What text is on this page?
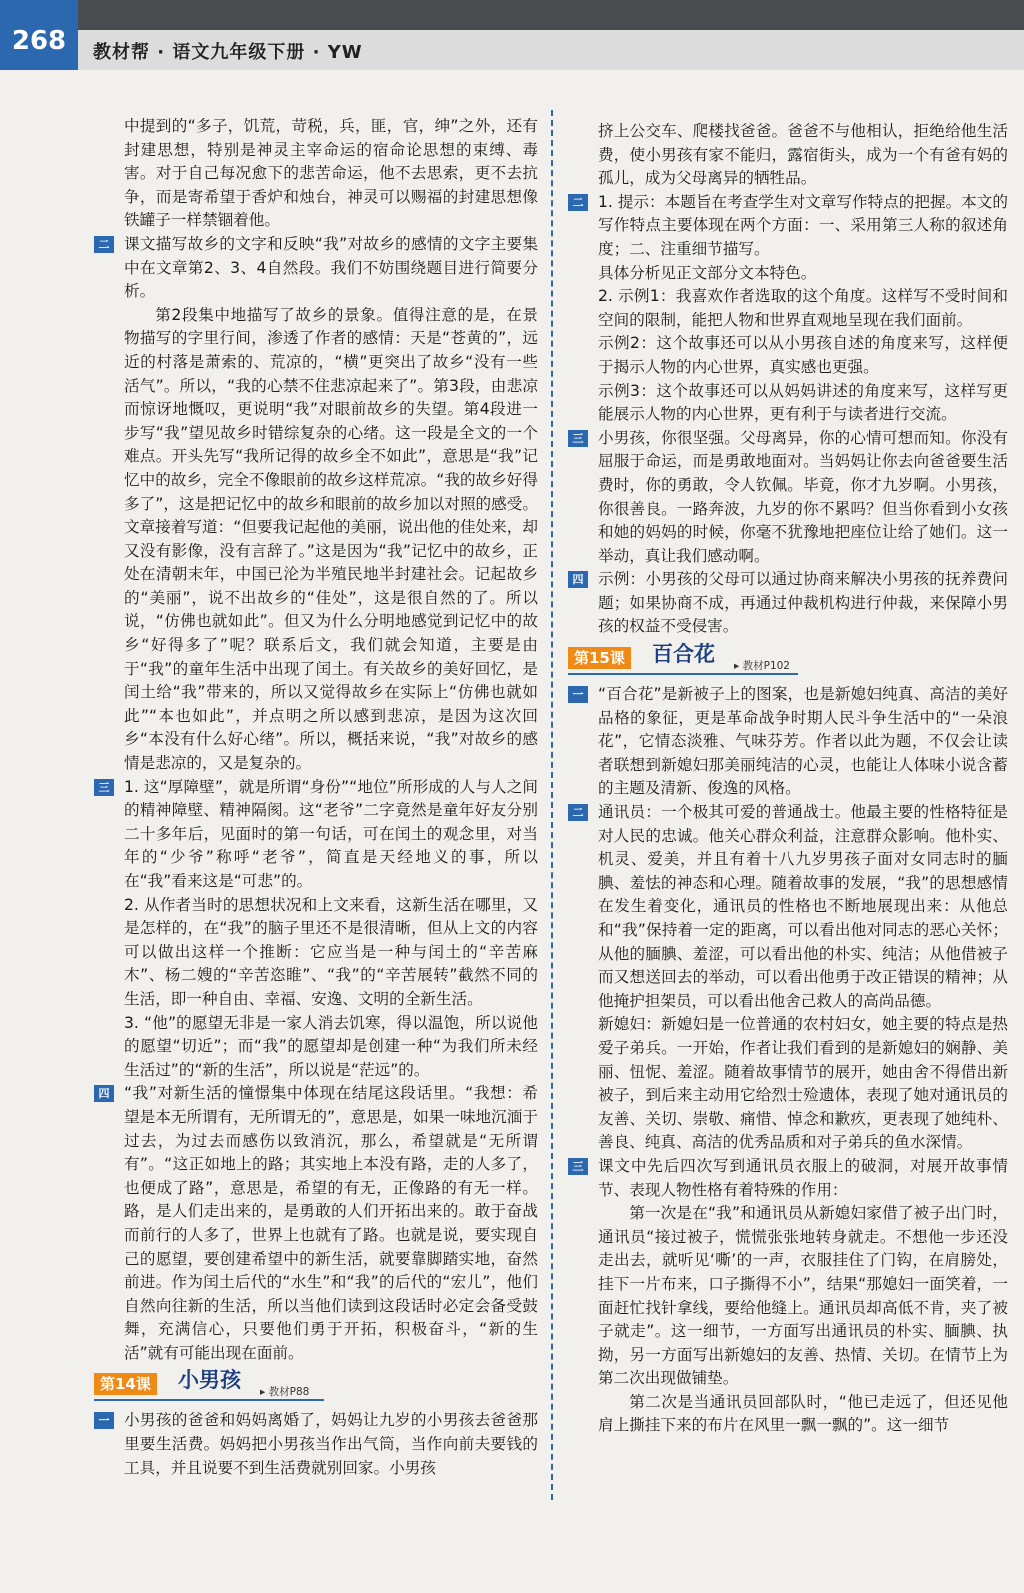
268	教材帮 · 语文九年级下册 · YW

中提到的“多子，饥荒，苛税，兵，匪，官，绅”之外，还有封建思想，特别是神灵主宰命运的宿命论思想的束缚、毒害。对于自己每况愈下的悲苦命运，他不去思索，更不去抗争，而是寄希望于香炉和烛台，神灵可以赐福的封建思想像铁罐子一样禁锢着他。

二 课文描写故乡的文字和反映“我”对故乡的感情的文字主要集中在文章第2、3、4自然段。我们不妨围绕题目进行简要分析。

第2段集中地描写了故乡的景象。值得注意的是，在景物描写的字里行间，渗透了作者的感情：天是“苍黄的”，远近的村落是萧索的、荒凉的，“横”更突出了故乡“没有一些活气”。所以，“我的心禁不住悲凉起来了”。第3段，由悲凉而惊讶地慨叹，更说明“我”对眼前故乡的失望。第4段进一步写“我”望见故乡时错综复杂的心绪。这一段是全文的一个难点。开头先写“我所记得的故乡全不如此”，意思是“我”记忆中的故乡，完全不像眼前的故乡这样荒凉。“我的故乡好得多了”，这是把记忆中的故乡和眼前的故乡加以对照的感受。文章接着写道：“但要我记起他的美丽，说出他的佳处来，却又没有影像，没有言辞了。”这是因为“我”记忆中的故乡，正处在清朝末年，中国已沦为半殖民地半封建社会。记起故乡的“美丽”，说不出故乡的“佳处”，这是很自然的了。所以说，“仿佛也就如此”。但又为什么分明地感觉到记忆中的故乡“好得多了”呢？联系后文，我们就会知道，主要是由于“我”的童年生活中出现了闰土。有关故乡的美好回忆，是闰土给“我”带来的，所以又觉得故乡在实际上“仿佛也就如此”“本也如此”，并点明之所以感到悲凉，是因为这次回乡“本没有什么好心绪”。所以，概括来说，“我”对故乡的感情是悲凉的，又是复杂的。

三 1. 这“厚障壁”，就是所谓“身份”“地位”所形成的人与人之间的精神障壁、精神隔阂。这“老爷”二字竟然是童年好友分别二十多年后，见面时的第一句话，可在闰土的观念里，对当年的“少爷”称呼“老爷”，简直是天经地义的事，所以在“我”看来这是“可悲”的。

2. 从作者当时的思想状况和上文来看，这新生活在哪里，又是怎样的，在“我”的脑子里还不是很清晰，但从上文的内容可以做出这样一个推断：它应当是一种与闰土的“辛苦麻木”、杨二嫂的“辛苦恣睢”、“我”的“辛苦展转”截然不同的生活，即一种自由、幸福、安逸、文明的全新生活。

3. “他”的愿望无非是一家人消去饥寒，得以温饱，所以说他的愿望“切近”；而“我”的愿望却是创建一种“为我们所未经生活过”的“新的生活”，所以说是“茫远”的。

四 “我”对新生活的憧憬集中体现在结尾这段话里。“我想：希望是本无所谓有，无所谓无的”，意思是，如果一味地沉湎于过去，为过去而感伤以致消沉，那么，希望就是“无所谓有”。“这正如地上的路；其实地上本没有路，走的人多了，也便成了路”，意思是，希望的有无，正像路的有无一样。路，是人们走出来的，是勇敢的人们开拓出来的。敢于奋战而前行的人多了，世界上也就有了路。也就是说，要实现自己的愿望，要创建希望中的新生活，就要靠脚踏实地，奋然前进。作为闰土后代的“水生”和“我”的后代的“宏儿”，他们自然向往新的生活，所以当他们读到这段话时必定会备受鼓舞，充满信心，只要他们勇于开拓，积极奋斗，“新的生活”就有可能出现在面前。

第14课 小男孩 ▸ 教材P88
一 小男孩的爸爸和妈妈离婚了，妈妈让九岁的小男孩去爸爸那里要生活费。妈妈把小男孩当作出气筒，当作向前夫要钱的工具，并且说要不到生活费就别回家。小男孩

挤上公交车、爬楼找爸爸。爸爸不与他相认，拒绝给他生活费，使小男孩有家不能归，露宿街头，成为一个有爸有妈的孤儿，成为父母离异的牺牲品。

二 1. 提示：本题旨在考查学生对文章写作特点的把握。本文的写作特点主要体现在两个方面：一、采用第三人称的叙述角度；二、注重细节描写。

具体分析见正文部分文本特色。

2. 示例1：我喜欢作者选取的这个角度。这样写不受时间和空间的限制，能把人物和世界直观地呈现在我们面前。

示例2：这个故事还可以从小男孩自述的角度来写，这样便于揭示人物的内心世界，真实感也更强。

示例3：这个故事还可以从妈妈讲述的角度来写，这样写更能展示人物的内心世界，更有利于与读者进行交流。

三 小男孩，你很坚强。父母离异，你的心情可想而知。你没有屈服于命运，而是勇敢地面对。当妈妈让你去向爸爸要生活费时，你的勇敢，令人钦佩。毕竟，你才九岁啊。小男孩，你很善良。一路奔波，九岁的你不累吗？但当你看到小女孩和她的妈妈的时候，你毫不犹豫地把座位让给了她们。这一举动，真让我们感动啊。

四 示例：小男孩的父母可以通过协商来解决小男孩的抚养费问题；如果协商不成，再通过仲裁机构进行仲裁，来保障小男孩的权益不受侵害。

第15课 百合花 ▸ 教材P102
一 “百合花”是新被子上的图案，也是新媳妇纯真、高洁的美好品格的象征，更是革命战争时期人民斗争生活中的“一朵浪花”，它情态淡雅、气味芬芳。作者以此为题，不仅会让读者联想到新媳妇那美丽纯洁的心灵，也能让人体味小说含蓄的主题及清新、俊逸的风格。

二 通讯员：一个极其可爱的普通战士。他最主要的性格特征是对人民的忠诚。他关心群众利益，注意群众影响。他朴实、机灵、爱美，并且有着十八九岁男孩子面对女同志时的腼腆、羞怯的神态和心理。随着故事的发展，“我”的思想感情在发生着变化，通讯员的性格也不断地展现出来：从他总和“我”保持着一定的距离，可以看出他对同志的恶心关怀；从他的腼腆、羞涩，可以看出他的朴实、纯洁；从他借被子而又想送回去的举动，可以看出他勇于改正错误的精神；从他掩护担架员，可以看出他舍己救人的高尚品德。

新媳妇：新媳妇是一位普通的农村妇女，她主要的特点是热爱子弟兵。一开始，作者让我们看到的是新媳妇的娴静、美丽、忸怩、羞涩。随着故事情节的展开，她由舍不得借出新被子，到后来主动用它给烈士殓遗体，表现了她对通讯员的友善、关切、崇敬、痛惜、悼念和歉疚，更表现了她纯朴、善良、纯真、高洁的优秀品质和对子弟兵的鱼水深情。

三 课文中先后四次写到通讯员衣服上的破洞，对展开故事情节、表现人物性格有着特殊的作用：

第一次是在“我”和通讯员从新媳妇家借了被子出门时，通讯员“接过被子，慌慌张张地转身就走。不想他一步还没走出去，就听见‘嘶’的一声，衣服挂住了门钩，在肩膀处，挂下一片布来，口子撕得不小”，结果“那媳妇一面笑着，一面赶忙找针拿线，要给他缝上。通讯员却高低不肯，夹了被子就走”。这一细节，一方面写出通讯员的朴实、腼腆、执拗，另一方面写出新媳妇的友善、热情、关切。在情节上为第二次出现做铺垫。

第二次是当通讯员回部队时，“他已走远了，但还见他肩上撕挂下来的布片在风里一飘一飘的”。这一细节
